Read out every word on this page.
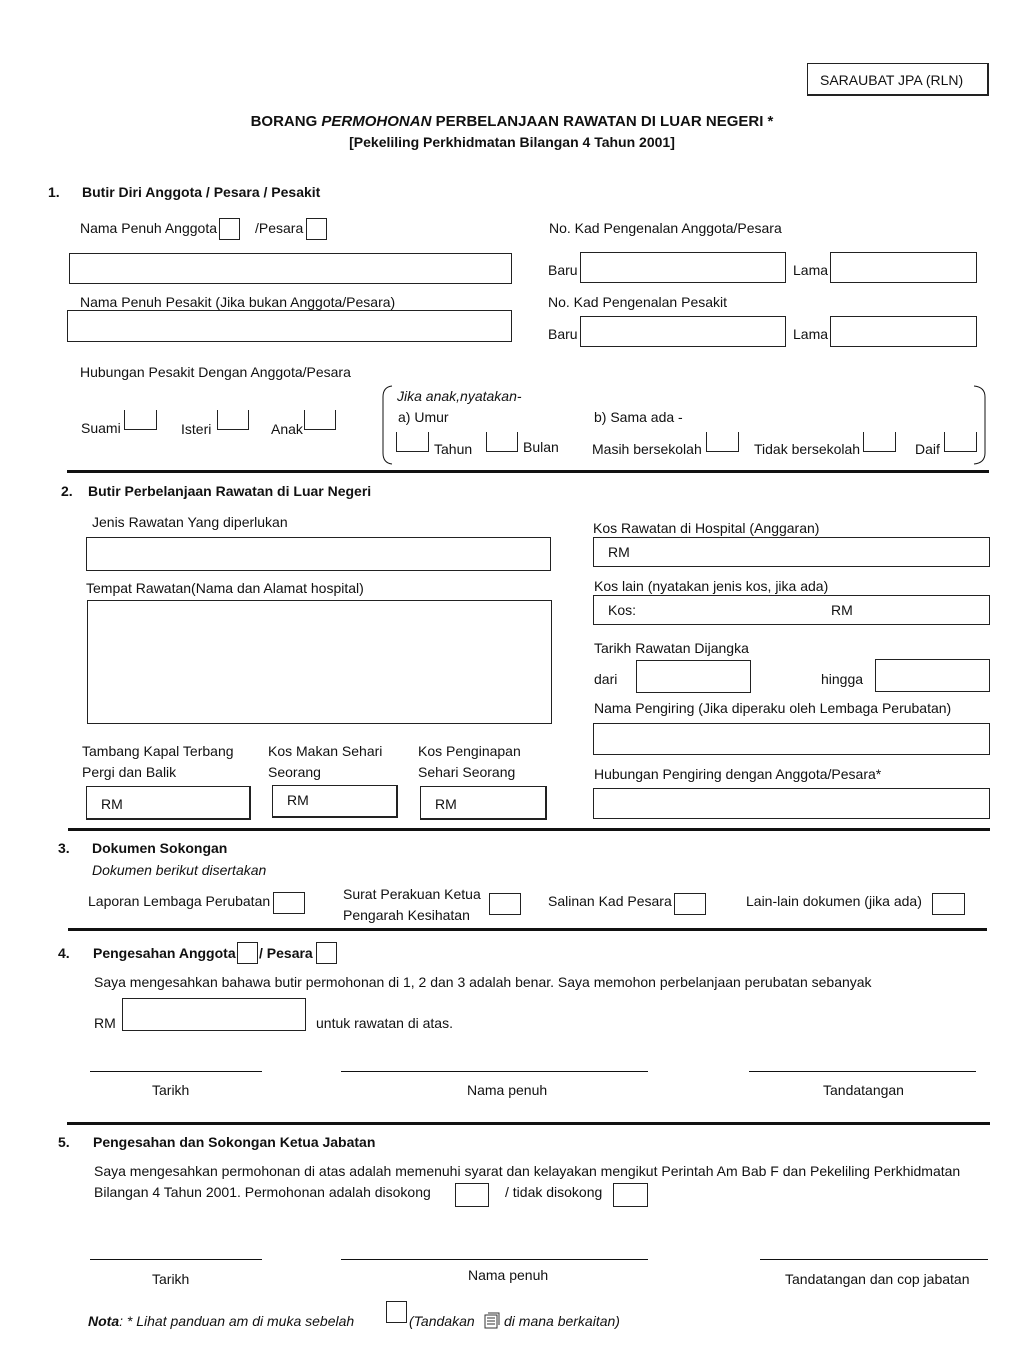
SARAUBAT JPA (RLN)
BORANG PERMOHONAN PERBELANJAAN RAWATAN DI LUAR NEGERI *
[Pekeliling Perkhidmatan Bilangan 4 Tahun 2001]
1. Butir Diri Anggota / Pesara / Pesakit
Nama Penuh Anggota	/Pesara	No. Kad Pengenalan Anggota/Pesara
Baru	Lama
Nama Penuh Pesakit (Jika bukan Anggota/Pesara)	No. Kad Pengenalan Pesakit
Baru	Lama
Hubungan Pesakit Dengan Anggota/Pesara
Suami	Isteri	Anak
Jika anak,nyatakan-
a) Umur
Tahun	Bulan
b) Sama ada -
Masih bersekolah	Tidak bersekolah	Daif
2. Butir Perbelanjaan Rawatan di Luar Negeri
Jenis Rawatan Yang diperlukan	Kos Rawatan di Hospital (Anggaran)
RM
Tempat Rawatan(Nama dan Alamat hospital)	Kos lain (nyatakan jenis kos, jika ada)
Kos:	RM
Tarikh Rawatan Dijangka
dari	hingga
Nama Pengiring (Jika diperaku oleh Lembaga Perubatan)
Tambang Kapal Terbang
Pergi dan Balik
Kos Makan Sehari
Seorang
Kos Penginapan
Sehari Seorang	Hubungan Pengiring dengan Anggota/Pesara*
RM	RM	RM
3. Dokumen Sokongan
Dokumen berikut disertakan
Laporan Lembaga Perubatan	Surat Perakuan Ketua
Pengarah Kesihatan
Salinan Kad Pesara	Lain-lain dokumen (jika ada)
4. Pengesahan Anggota / Pesara
Saya mengesahkan bahawa butir permohonan di 1, 2 dan 3 adalah benar. Saya memohon perbelanjaan perubatan sebanyak
RM	untuk rawatan di atas.
Tarikh	Nama penuh	Tandatangan
5. Pengesahan dan Sokongan Ketua Jabatan
Saya mengesahkan permohonan di atas adalah memenuhi syarat dan kelayakan mengikut Perintah Am Bab F dan Pekeliling Perkhidmatan
Bilangan 4 Tahun 2001. Permohonan adalah disokong	/ tidak disokong
Tarikh	Nama penuh	Tandatangan dan cop jabatan
Nota: * Lihat panduan am di muka sebelah	(Tandakan di mana berkaitan)
